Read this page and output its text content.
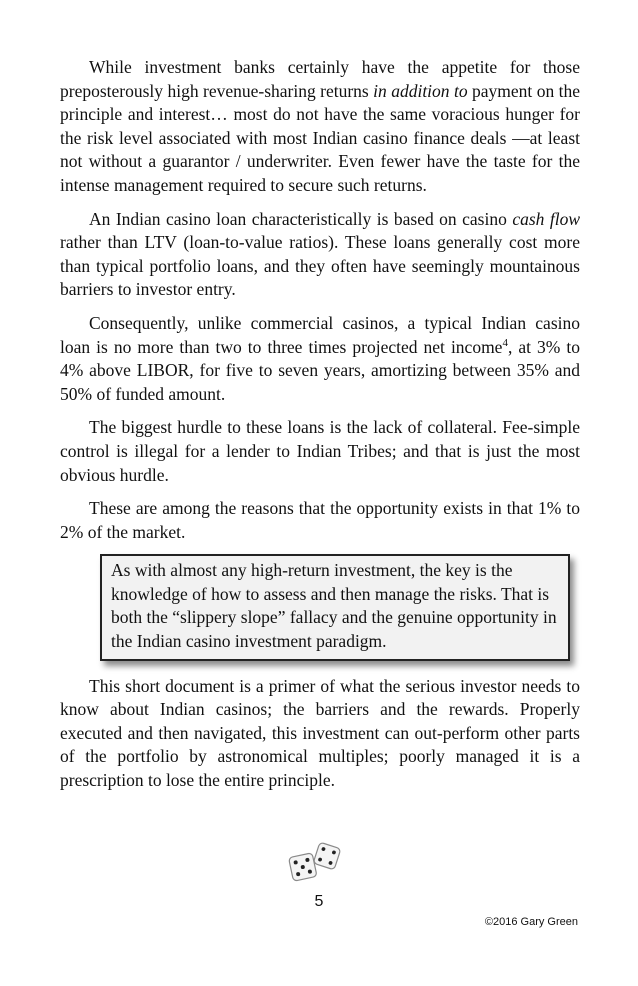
While investment banks certainly have the appetite for those preposterously high revenue-sharing returns in addition to payment on the principle and interest… most do not have the same voracious hunger for the risk level associated with most Indian casino finance deals —at least not without a guarantor / underwriter. Even fewer have the taste for the intense management required to secure such returns.

An Indian casino loan characteristically is based on casino cash flow rather than LTV (loan-to-value ratios). These loans generally cost more than typical portfolio loans, and they often have seemingly mountainous barriers to investor entry.

Consequently, unlike commercial casinos, a typical Indian casino loan is no more than two to three times projected net income$^4$, at 3% to 4% above LIBOR, for five to seven years, amortizing between 35% and 50% of funded amount.

The biggest hurdle to these loans is the lack of collateral. Fee-simple control is illegal for a lender to Indian Tribes; and that is just the most obvious hurdle.

These are among the reasons that the opportunity exists in that 1% to 2% of the market.

As with almost any high-return investment, the key is the knowledge of how to assess and then manage the risks. That is both the “slippery slope” fallacy and the genuine opportunity in the Indian casino investment paradigm.

This short document is a primer of what the serious investor needs to know about Indian casinos; the barriers and the rewards. Properly executed and then navigated, this investment can out-perform other parts of the portfolio by astronomical multiples; poorly managed it is a prescription to lose the entire principle.

5
©2016 Gary Green
